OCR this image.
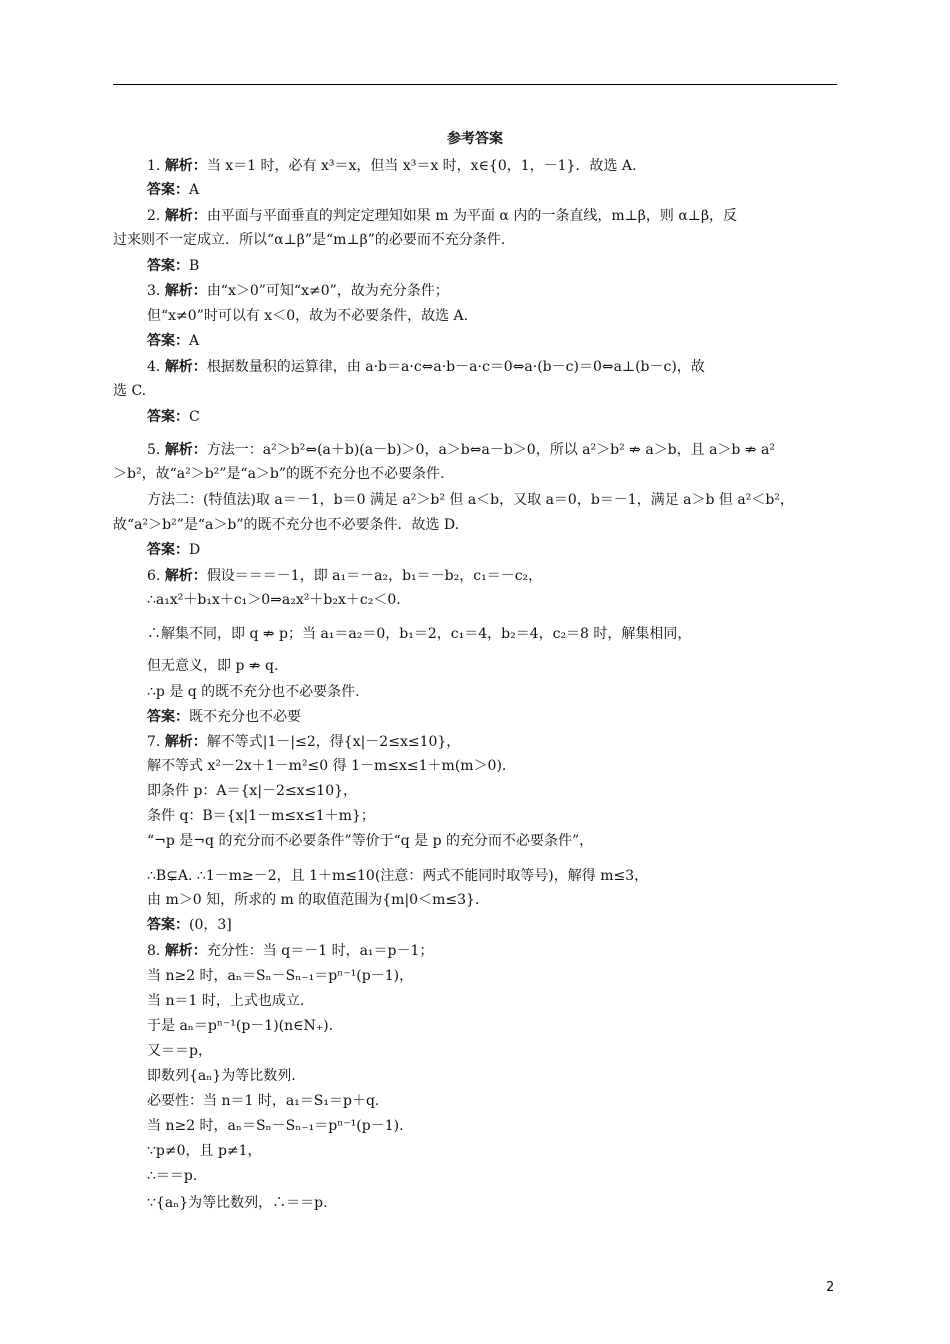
参考答案
1. 解析：当 x＝1 时，必有 x³＝x，但当 x³＝x 时，x∈{0，1，－1}．故选 A.
答案：A
2. 解析：由平面与平面垂直的判定定理知如果 m 为平面 α 内的一条直线，m⊥β，则 α⊥β，反
过来则不一定成立．所以“α⊥β”是“m⊥β”的必要而不充分条件.
答案：B
3. 解析：由“x＞0”可知“x≠0”，故为充分条件；
但“x≠0”时可以有 x＜0，故为不必要条件，故选 A.
答案：A
4. 解析：根据数量积的运算律，由 a·b＝a·c⇔a·b－a·c＝0⇔a·(b－c)＝0⇔a⊥(b－c)，故
选 C.
答案：C
5. 解析：方法一：a²＞b²⇔(a＋b)(a－b)＞0，a＞b⇔a－b＞0，所以 a²＞b² ⇏ a＞b，且 a＞b ⇏ a²
＞b²，故“a²＞b²”是“a＞b”的既不充分也不必要条件.
方法二：(特值法)取 a＝－1，b＝0 满足 a²＞b² 但 a＜b，又取 a＝0，b＝－1，满足 a＞b 但 a²＜b²，
故“a²＞b²”是“a＞b”的既不充分也不必要条件．故选 D.
答案：D
6. 解析：假设＝＝＝－1，即 a₁＝－a₂，b₁＝－b₂，c₁＝－c₂，
∴a₁x²＋b₁x＋c₁＞0⇒a₂x²＋b₂x＋c₂＜0.
∴解集不同，即 q ⇏ p；当 a₁＝a₂＝0，b₁＝2，c₁＝4，b₂＝4，c₂＝8 时，解集相同，
但无意义，即 p ⇏ q.
∴p 是 q 的既不充分也不必要条件.
答案：既不充分也不必要
7. 解析：解不等式|1－|≤2，得{x|－2≤x≤10}，
解不等式 x²－2x＋1－m²≤0 得 1－m≤x≤1＋m(m＞0).
即条件 p：A＝{x|－2≤x≤10}，
条件 q：B＝{x|1－m≤x≤1＋m}；
“¬p 是¬q 的充分而不必要条件”等价于“q 是 p 的充分而不必要条件”，
∴B⊊A. ∴1－m≥－2，且 1＋m≤10(注意：两式不能同时取等号)，解得 m≤3，
由 m＞0 知，所求的 m 的取值范围为{m|0＜m≤3}.
答案：(0，3]
8. 解析：充分性：当 q＝－1 时，a₁＝p－1；
当 n≥2 时，aₙ＝Sₙ－Sₙ₋₁＝pⁿ⁻¹(p－1)，
当 n＝1 时，上式也成立.
于是 aₙ＝pⁿ⁻¹(p－1)(n∈N₊).
又＝＝p，
即数列{aₙ}为等比数列.
必要性：当 n＝1 时，a₁＝S₁＝p＋q.
当 n≥2 时，aₙ＝Sₙ－Sₙ₋₁＝pⁿ⁻¹(p－1).
∵p≠0，且 p≠1，
∴＝＝p.
∵{aₙ}为等比数列，∴＝＝p.
2
